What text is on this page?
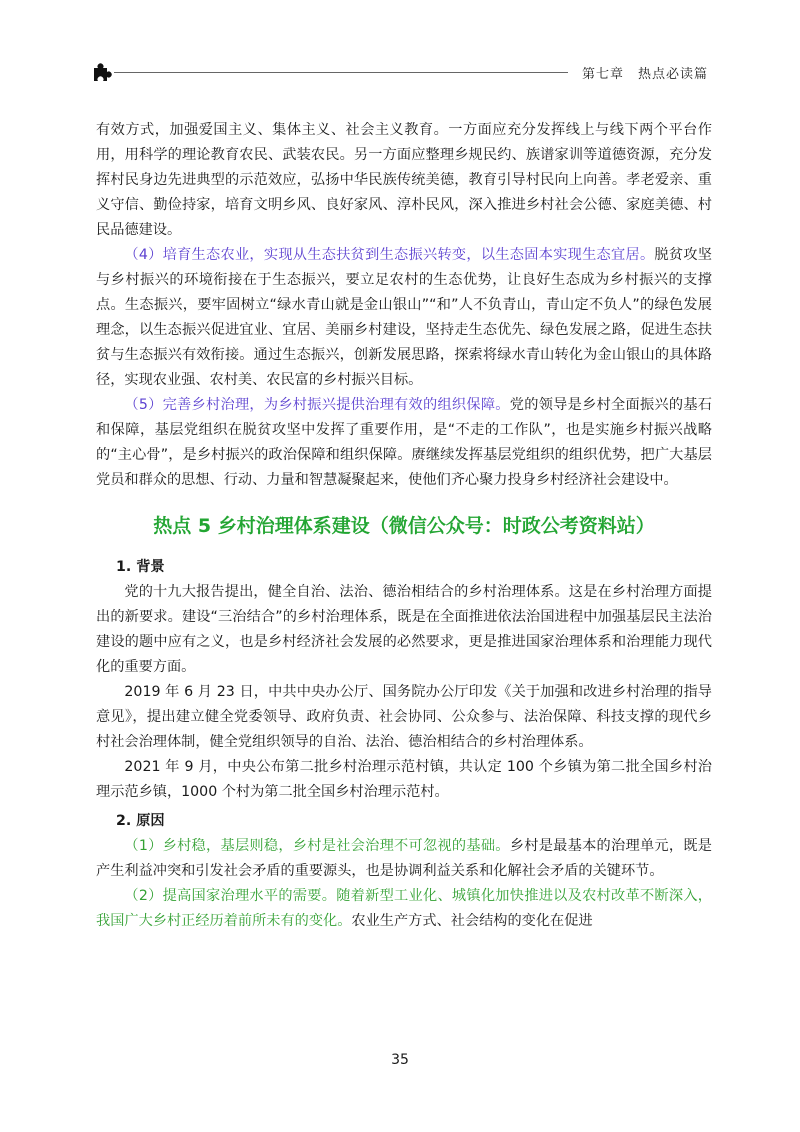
第七章　热点必读篇

有效方式，加强爱国主义、集体主义、社会主义教育。一方面应充分发挥线上与线下两个平台作用，用科学的理论教育农民、武装农民。另一方面应整理乡规民约、族谱家训等道德资源，充分发挥村民身边先进典型的示范效应，弘扬中华民族传统美德，教育引导村民向上向善。孝老爱亲、重义守信、勤俭持家，培育文明乡风、良好家风、淳朴民风，深入推进乡村社会公德、家庭美德、村民品德建设。

（4）培育生态农业，实现从生态扶贫到生态振兴转变，以生态固本实现生态宜居。脱贫攻坚与乡村振兴的环境衔接在于生态振兴，要立足农村的生态优势，让良好生态成为乡村振兴的支撑点。生态振兴，要牢固树立“绿水青山就是金山银山”“和”人不负青山，青山定不负人”的绿色发展理念，以生态振兴促进宜业、宜居、美丽乡村建设，坚持走生态优先、绿色发展之路，促进生态扶贫与生态振兴有效衔接。通过生态振兴，创新发展思路，探索将绿水青山转化为金山银山的具体路径，实现农业强、农村美、农民富的乡村振兴目标。

（5）完善乡村治理，为乡村振兴提供治理有效的组织保障。党的领导是乡村全面振兴的基石和保障，基层党组织在脱贫攻坚中发挥了重要作用，是“不走的工作队”，也是实施乡村振兴战略的“主心骨”，是乡村振兴的政治保障和组织保障。赓继续发挥基层党组织的组织优势，把广大基层党员和群众的思想、行动、力量和智慧凝聚起来，使他们齐心聚力投身乡村经济社会建设中。

热点 5 乡村治理体系建设（微信公众号：时政公考资料站）
1. 背景

党的十九大报告提出，健全自治、法治、德治相结合的乡村治理体系。这是在乡村治理方面提出的新要求。建设“三治结合”的乡村治理体系，既是在全面推进依法治国进程中加强基层民主法治建设的题中应有之义，也是乡村经济社会发展的必然要求，更是推进国家治理体系和治理能力现代化的重要方面。

2019 年 6 月 23 日，中共中央办公厅、国务院办公厅印发《关于加强和改进乡村治理的指导意见》，提出建立健全党委领导、政府负责、社会协同、公众参与、法治保障、科技支撑的现代乡村社会治理体制，健全党组织领导的自治、法治、德治相结合的乡村治理体系。

2021 年 9 月，中央公布第二批乡村治理示范村镇，共认定 100 个乡镇为第二批全国乡村治理示范乡镇，1000 个村为第二批全国乡村治理示范村。

2. 原因

（1）乡村稳，基层则稳，乡村是社会治理不可忽视的基础。乡村是最基本的治理单元，既是产生利益冲突和引发社会矛盾的重要源头，也是协调利益关系和化解社会矛盾的关键环节。

（2）提高国家治理水平的需要。随着新型工业化、城镇化加快推进以及农村改革不断深入，我国广大乡村正经历着前所未有的变化。农业生产方式、社会结构的变化在促进

35
